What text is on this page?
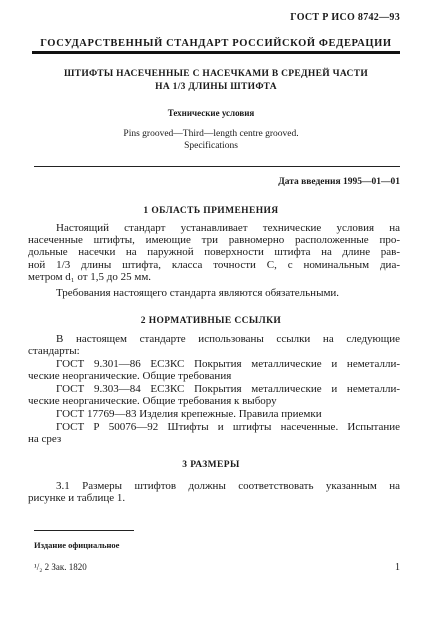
ГОСТ Р ИСО 8742—93
ГОСУДАРСТВЕННЫЙ СТАНДАРТ РОССИЙСКОЙ ФЕДЕРАЦИИ
ШТИФТЫ НАСЕЧЕННЫЕ С НАСЕЧКАМИ В СРЕДНЕЙ ЧАСТИ
НА 1/3 ДЛИНЫ ШТИФТА
Технические условия
Pins grooved—Third—length centre grooved.
Specifications
Дата введения 1995—01—01
1 ОБЛАСТЬ ПРИМЕНЕНИЯ

Настоящий стандарт устанавливает технические условия на
насеченные штифты, имеющие три равномерно расположенные про-
дольные насечки на паружной поверхности штифта на длине рав-
ной 1/3 длины штифта, класса точности С, с номинальным диа-
метром d₁ от 1,5 до 25 мм.

Требования настоящего стандарта являются обязательными.

2 НОРМАТИВНЫЕ ССЫЛКИ

В настоящем стандарте использованы ссылки на следующие
стандарты:

ГОСТ 9.301—86 ЕСЗКС Покрытия металлические и неметалли-
ческие неорганические. Общие требования

ГОСТ 9.303—84 ЕСЗКС Покрытия металлические и неметалли-
ческие неорганические. Общие требования к выбору

ГОСТ 17769—83 Изделия крепежные. Правила приемки

ГОСТ Р 50076—92 Штифты и штифты насеченные. Испытание
на срез

3 РАЗМЕРЫ

3.1 Размеры штифтов должны соответствовать указанным на
рисунке и таблице 1.

Издание официальное
¹/₂ 2 Зак. 1820	1
